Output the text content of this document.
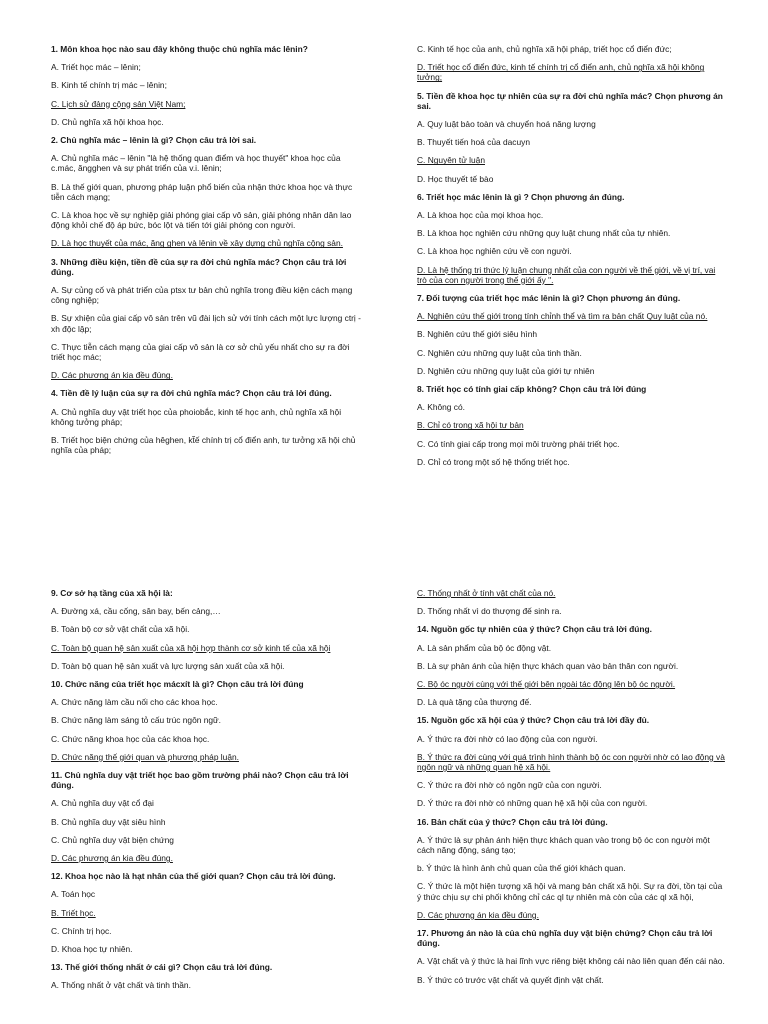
1. Môn khoa học nào sau đây không thuộc chủ nghĩa mác lênin?

A. Triết học mác – lênin;

B. Kinh tế chính trị mác – lênin;

C. Lịch sử đảng cộng sản Việt Nam;

D. Chủ nghĩa xã hội khoa học.

2. Chủ nghĩa mác – lênin là gì? Chọn câu trả lời sai.

A. Chủ nghĩa mác – lênin "là hệ thống quan điểm và học thuyết" khoa học của c.mác, ăngghen và sự phát triển của v.i. lênin;

B. Là thế giới quan, phương pháp luận phổ biến của nhận thức khoa học và thực tiễn cách mạng;

C. Là khoa học về sự nghiệp giải phóng giai cấp vô sản, giải phóng nhân dân lao động khỏi chế độ áp bức, bóc lột và tiến tới giải phóng con người.

D. Là học thuyết của mác, ăng ghen và lênin về xây dựng chủ nghĩa cộng sản.

3. Những điều kiện, tiền đề của sự ra đời chủ nghĩa mác? Chọn câu trả lời đúng.

A. Sự củng cố và phát triển của ptsx tư bản chủ nghĩa trong điều kiện cách mạng công nghiệp;

B. Sự xhiện của giai cấp vô sản trên vũ đài lịch sử với tính cách một lực lượng ctrị - xh độc lập;

C. Thực tiễn cách mạng của giai cấp vô sản là cơ sở chủ yếu nhất cho sự ra đời triết học mác;

D. Các phương án kia đều đúng.

4. Tiền đề lý luận của sự ra đời chủ nghĩa mác? Chọn câu trả lời đúng.

A. Chủ nghĩa duy vật triết học của phoiobắc, kinh tế học anh, chủ nghĩa xã hội không tưởng pháp;

B. Triết học biện chứng của hêghen, kt̃ế chính trị cổ điển anh, tư tưởng xã hội chủ nghĩa của pháp;

C. Kinh tế học của anh, chủ nghĩa xã hội pháp, triết học cổ điển đức;

D. Triết học cổ điển đức, kinh tế chính trị cổ điển anh, chủ nghĩa xã hội không tưởng;

5. Tiền đề khoa học tự nhiên của sự ra đời chủ nghĩa mác? Chọn phương án sai.

A. Quy luật bảo toàn và chuyển hoá năng lượng

B. Thuyết tiến hoá của dacuyn

C. Nguyên tử luận

D. Học thuyết tế bào

6. Triết học mác lênin là gì ? Chọn phương án đúng.

A. Là khoa học của mọi khoa học.

B. Là khoa học nghiên cứu những quy luật chung nhất của tự nhiên.

C. Là khoa học nghiên cứu về con người.

D. Là hệ thống tri thức lý luận chung nhất của con người về thế giới, về vị trí, vai trò của con người trong thế giới ấy ".

7. Đối tượng của triết học mác lênin là gì? Chọn phương án đúng.

A. Nghiên cứu thế giới trong tính chỉnh thể và tìm ra bản chất Quy luật của nó.

B. Nghiên cứu thế giới siêu hình

C. Nghiên cứu những quy luật của tinh thần.

D. Nghiên cứu những quy luật của giới tự nhiên

8. Triết học có tính giai cấp không? Chọn câu trả lời đúng

A. Không có.

B. Chỉ có trong xã hội tư bản

C. Có tính giai cấp trong mọi môi trường phái triết học.

D. Chỉ có trong một số hệ thống triết học.

9. Cơ sở hạ tầng của xã hội là:

A. Đường xá, cầu cống, sân bay, bến cảng,…

B. Toàn bộ cơ sở vật chất của xã hội.

C. Toàn bộ quan hệ sản xuất của xã hội hợp thành cơ sở kinh tế của xã hội

D. Toàn bộ quan hệ sản xuất và lực lượng sản xuất của xã hội.

10. Chức năng của triết học mácxít là gì? Chọn câu trả lời đúng

A. Chức năng làm cầu nối cho các khoa học.

B. Chức năng làm sáng tỏ cấu trúc ngôn ngữ.

C. Chức năng khoa học của các khoa học.

D. Chức năng thế giới quan và phương pháp luận.

11. Chủ nghĩa duy vật triết học bao gồm trường phái nào? Chọn câu trả lời đúng.

A. Chủ nghĩa duy vật cổ đại

B. Chủ nghĩa duy vật siêu hình

C. Chủ nghĩa duy vật biện chứng

D. Các phương án kia đều đúng.

12. Khoa học nào là hạt nhân của thế giới quan? Chọn câu trả lời đúng.

A. Toán học

B. Triết học.

C. Chính trị học.

D. Khoa học tự nhiên.

13. Thế giới thống nhất ở cái gì? Chọn câu trả lời đúng.

A. Thống nhất ở vật chất và tinh thần.

C. Thống nhất ở tính vật chất của nó.

D. Thống nhất vì do thượng đế sinh ra.

14. Nguồn gốc tự nhiên của ý thức? Chọn câu trả lời đúng.

A. Là sản phẩm của bộ óc động vật.

B. Là sự phản ánh của hiện thực khách quan vào bản thân con người.

C. Bộ óc người cùng với thế giới bên ngoài tác động lên bộ óc người.

D. Là quà tặng của thượng đế.

15. Nguồn gốc xã hội của ý thức? Chọn câu trả lời đầy đủ.

A. Ý thức ra đời nhờ có lao động của con người.

B. Ý thức ra đời cùng với quá trình hình thành bộ óc con người nhờ có lao động và ngôn ngữ và những quan hệ xã hội.

C. Ý thức ra đời nhờ có ngôn ngữ của con người.

D. Ý thức ra đời nhờ có những quan hệ xã hội của con người.

16. Bản chất của ý thức? Chọn câu trả lời đúng.

A. Ý thức là sự phản ánh hiện thực khách quan vào trong bộ óc con người một cách năng động, sáng tạo;

b. Ý thức là hình ảnh chủ quan của thế giới khách quan.

C. Ý thức là một hiện tượng xã hội và mang bản chất xã hội. Sự ra đời, tồn tại của ý thức chịu sự chi phối không chỉ các ql tự nhiên mà còn của các ql xã hội,

D. Các phương án kia đều đúng.

17. Phương án nào là của chủ nghĩa duy vật biện chứng? Chọn câu trả lời đúng.

A. Vật chất và ý thức là hai lĩnh vực riêng biệt không cái nào liên quan đến cái nào.

B. Ý thức có trước vật chất và quyết định vật chất.
